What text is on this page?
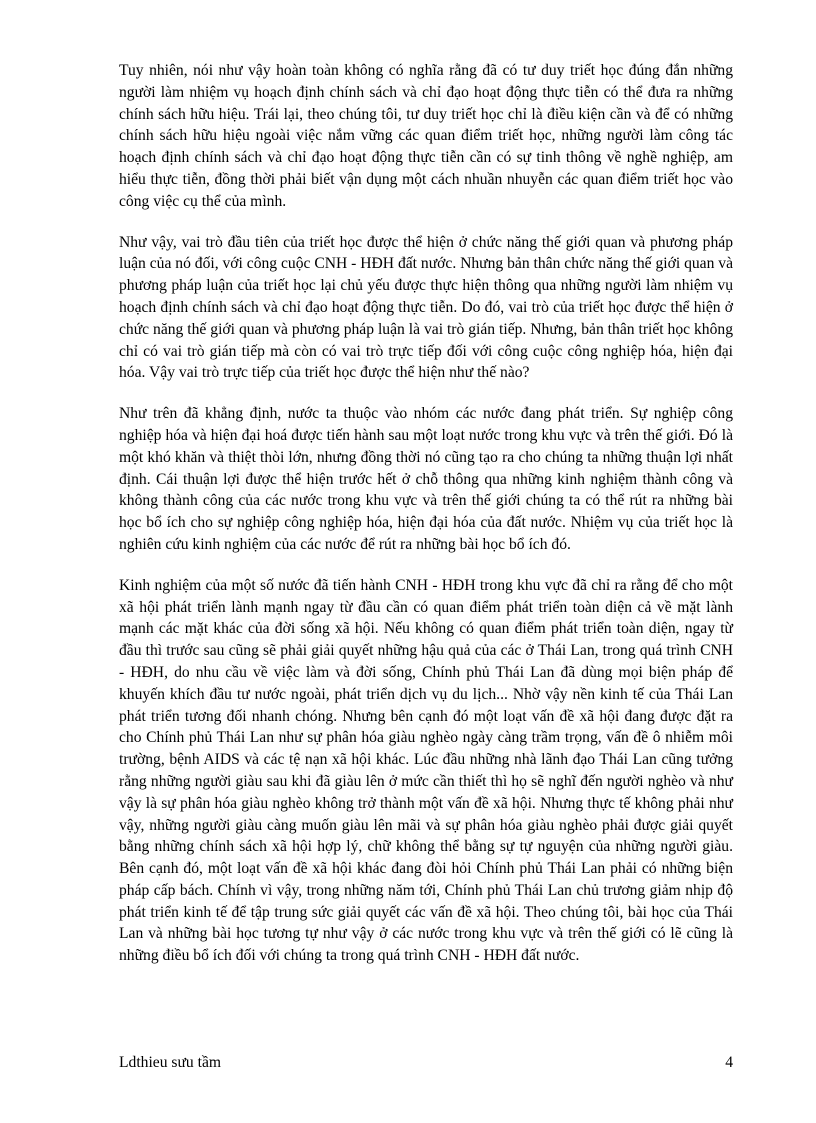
Tuy nhiên, nói như vậy hoàn toàn không có nghĩa rằng đã có tư duy triết học đúng đắn những người làm nhiệm vụ hoạch định chính sách và chỉ đạo hoạt động thực tiễn có thể đưa ra những chính sách hữu hiệu. Trái lại, theo chúng tôi, tư duy triết học chỉ là điều kiện cần và để có những chính sách hữu hiệu ngoài việc nắm vững các quan điểm triết học, những người làm công tác hoạch định chính sách và chỉ đạo hoạt động thực tiễn cần có sự tinh thông về nghề nghiệp, am hiểu thực tiễn, đồng thời phải biết vận dụng một cách nhuần nhuyễn các quan điểm triết học vào công việc cụ thể của mình.

Như vậy, vai trò đầu tiên của triết học được thể hiện ở chức năng thế giới quan và phương pháp luận của nó đối, với công cuộc CNH - HĐH đất nước. Nhưng bản thân chức năng thế giới quan và phương pháp luận của triết học lại chủ yếu được thực hiện thông qua những người làm nhiệm vụ hoạch định chính sách và chỉ đạo hoạt động thực tiễn. Do đó, vai trò của triết học được thể hiện ở chức năng thế giới quan và phương pháp luận là vai trò gián tiếp. Nhưng, bản thân triết học không chỉ có vai trò gián tiếp mà còn có vai trò trực tiếp đối với công cuộc công nghiệp hóa, hiện đại hóa. Vậy vai trò trực tiếp của triết học được thể hiện như thế nào?

Như trên đã khẳng định, nước ta thuộc vào nhóm các nước đang phát triển. Sự nghiệp công nghiệp hóa và hiện đại hoá được tiến hành sau một loạt nước trong khu vực và trên thế giới. Đó là một khó khăn và thiệt thòi lớn, nhưng đồng thời nó cũng tạo ra cho chúng ta những thuận lợi nhất định. Cái thuận lợi được thể hiện trước hết ở chỗ thông qua những kinh nghiệm thành công và không thành công của các nước trong khu vực và trên thế giới chúng ta có thể rút ra những bài học bổ ích cho sự nghiệp công nghiệp hóa, hiện đại hóa của đất nước. Nhiệm vụ của triết học là nghiên cứu kinh nghiệm của các nước để rút ra những bài học bổ ích đó.

Kinh nghiệm của một số nước đã tiến hành CNH - HĐH trong khu vực đã chỉ ra rằng để cho một xã hội phát triển lành mạnh ngay từ đầu cần có quan điểm phát triển toàn diện cả về mặt lành mạnh các mặt khác của đời sống xã hội. Nếu không có quan điểm phát triển toàn diện, ngay từ đầu thì trước sau cũng sẽ phải giải quyết những hậu quả của các ở Thái Lan, trong quá trình CNH - HĐH, do nhu cầu về việc làm và đời sống, Chính phủ Thái Lan đã dùng mọi biện pháp để khuyến khích đầu tư nước ngoài, phát triển dịch vụ du lịch... Nhờ vậy nền kinh tế của Thái Lan phát triển tương đối nhanh chóng. Nhưng bên cạnh đó một loạt vấn đề xã hội đang được đặt ra cho Chính phủ Thái Lan như sự phân hóa giàu nghèo ngày càng trầm trọng, vấn đề ô nhiễm môi trường, bệnh AIDS và các tệ nạn xã hội khác. Lúc đầu những nhà lãnh đạo Thái Lan cũng tưởng rằng những người giàu sau khi đã giàu lên ở mức cần thiết thì họ sẽ nghĩ đến người nghèo và như vậy là sự phân hóa giàu nghèo không trở thành một vấn đề xã hội. Nhưng thực tế không phải như vậy, những người giàu càng muốn giàu lên mãi và sự phân hóa giàu nghèo phải được giải quyết bằng những chính sách xã hội hợp lý, chữ không thể bằng sự tự nguyện của những người giàu. Bên cạnh đó, một loạt vấn đề xã hội khác đang đòi hỏi Chính phủ Thái Lan phải có những biện pháp cấp bách. Chính vì vậy, trong những năm tới, Chính phủ Thái Lan chủ trương giảm nhịp độ phát triển kinh tế để tập trung sức giải quyết các vấn đề xã hội. Theo chúng tôi, bài học của Thái Lan và những bài học tương tự như vậy ở các nước trong khu vực và trên thế giới có lẽ cũng là những điều bổ ích đối với chúng ta trong quá trình CNH - HĐH đất nước.

Ldthieu sưu tầm	4
